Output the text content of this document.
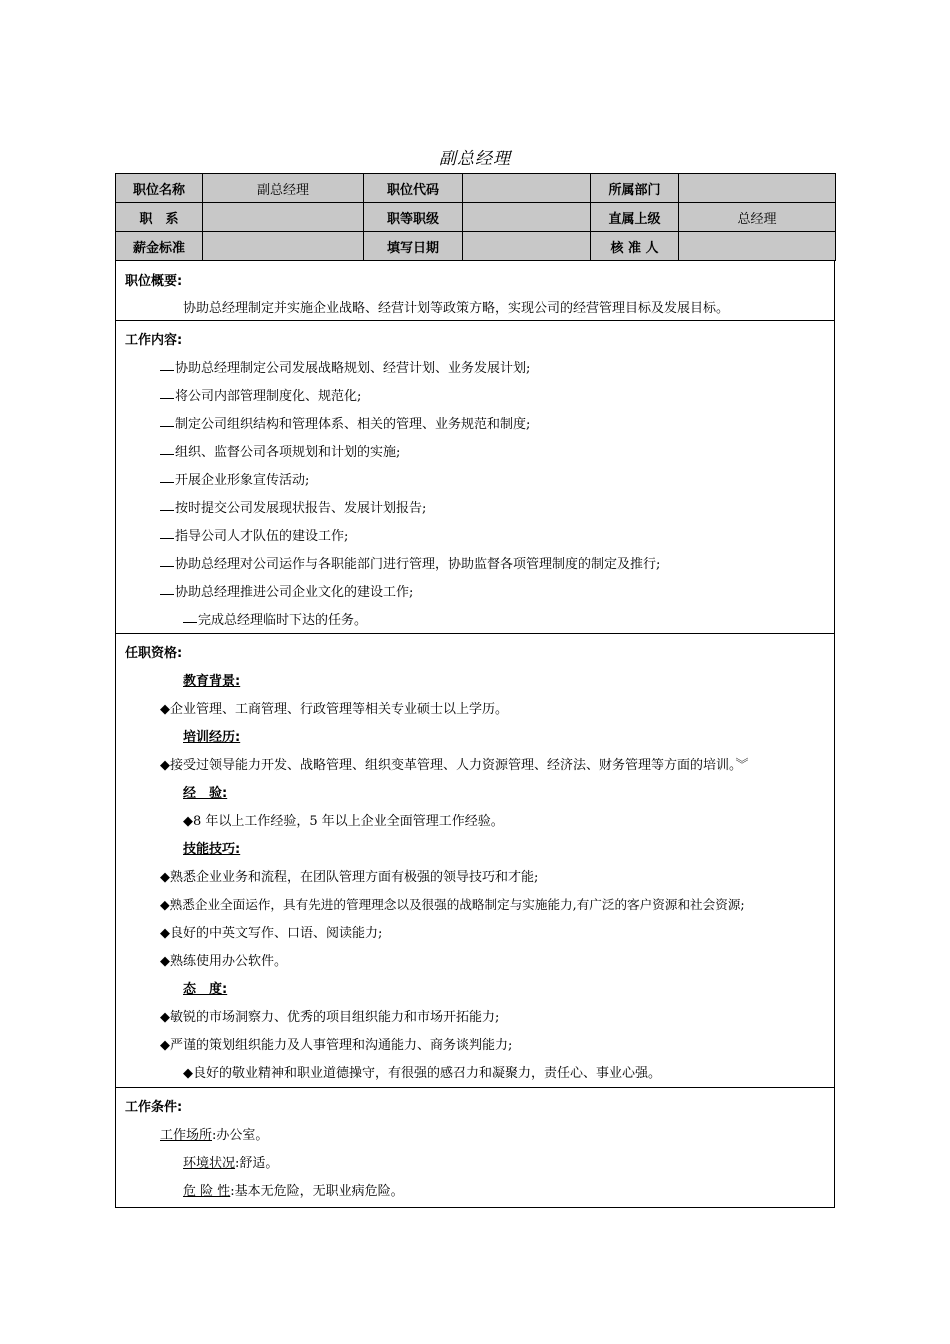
副总经理
职位名称	副总经理	职位代码		所属部门	
职　系		职等职级		直属上级	总经理
薪金标准		填写日期		核 准 人	
职位概要:
协助总经理制定并实施企业战略、经营计划等政策方略，实现公司的经营管理目标及发展目标。
工作内容:
协助总经理制定公司发展战略规划、经营计划、业务发展计划;
将公司内部管理制度化、规范化;
制定公司组织结构和管理体系、相关的管理、业务规范和制度;
组织、监督公司各项规划和计划的实施;
开展企业形象宣传活动;
按时提交公司发展现状报告、发展计划报告;
指导公司人才队伍的建设工作;
协助总经理对公司运作与各职能部门进行管理，协助监督各项管理制度的制定及推行;
协助总经理推进公司企业文化的建设工作;
完成总经理临时下达的任务。
任职资格:
教育背景:
◆企业管理、工商管理、行政管理等相关专业硕士以上学历。
培训经历:
◆接受过领导能力开发、战略管理、组织变革管理、人力资源管理、经济法、财务管理等方面的培训。︾
经　验:
◆8 年以上工作经验，5 年以上企业全面管理工作经验。
技能技巧:
◆熟悉企业业务和流程，在团队管理方面有极强的领导技巧和才能;
◆熟悉企业全面运作，具有先进的管理理念以及很强的战略制定与实施能力,有广泛的客户资源和社会资源;
◆良好的中英文写作、口语、阅读能力;
◆熟练使用办公软件。
态　度:
◆敏锐的市场洞察力、优秀的项目组织能力和市场开拓能力;
◆严谨的策划组织能力及人事管理和沟通能力、商务谈判能力;
◆良好的敬业精神和职业道德操守，有很强的感召力和凝聚力，责任心、事业心强。
工作条件:
工作场所:办公室。
环境状况:舒适。
危 险 性:基本无危险，无职业病危险。
